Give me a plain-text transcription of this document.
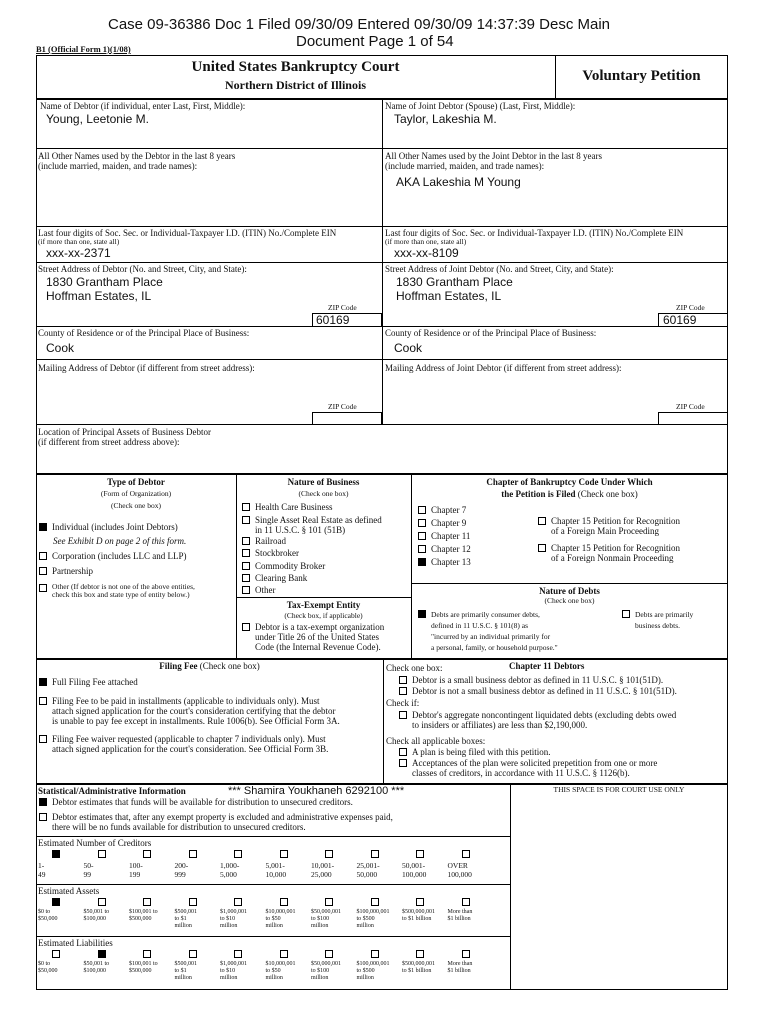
Case 09-36386 Doc 1 Filed 09/30/09 Entered 09/30/09 14:37:39 Desc Main
Document Page 1 of 54
B1 (Official Form 1)(1/08)
United States Bankruptcy Court
Northern District of Illinois
Voluntary Petition
Name of Debtor (if individual, enter Last, First, Middle):
Young, Leetonie M.
All Other Names used by the Debtor in the last 8 years
(include married, maiden, and trade names):
Last four digits of Soc. Sec. or Individual-Taxpayer I.D. (ITIN) No./Complete EIN
(if more than one, state all)
xxx-xx-2371
Street Address of Debtor (No. and Street, City, and State):
1830 Grantham Place
Hoffman Estates, IL
ZIP Code
60169
County of Residence or of the Principal Place of Business:
Cook
Mailing Address of Debtor (if different from street address):
ZIP Code
Name of Joint Debtor (Spouse) (Last, First, Middle):
Taylor, Lakeshia M.
All Other Names used by the Joint Debtor in the last 8 years
(include married, maiden, and trade names):
AKA Lakeshia M Young
Last four digits of Soc. Sec. or Individual-Taxpayer I.D. (ITIN) No./Complete EIN
(if more than one, state all)
xxx-xx-8109
Street Address of Joint Debtor (No. and Street, City, and State):
1830 Grantham Place
Hoffman Estates, IL
ZIP Code
60169
County of Residence or of the Principal Place of Business:
Cook
Mailing Address of Joint Debtor (if different from street address):
ZIP Code
Location of Principal Assets of Business Debtor
(if different from street address above):
Type of Debtor
(Form of Organization)
(Check one box)
Individual (includes Joint Debtors)
See Exhibit D on page 2 of this form.
Corporation (includes LLC and LLP)
Partnership
Other (If debtor is not one of the above entities,
check this box and state type of entity below.)
Nature of Business
(Check one box)
Health Care Business
Single Asset Real Estate as defined
in 11 U.S.C. § 101 (51B)
Railroad
Stockbroker
Commodity Broker
Clearing Bank
Other
Tax-Exempt Entity
(Check box, if applicable)
Debtor is a tax-exempt organization
under Title 26 of the United States
Code (the Internal Revenue Code).
Chapter of Bankruptcy Code Under Which
the Petition is Filed (Check one box)
Chapter 7
Chapter 9
Chapter 11
Chapter 12
Chapter 13
Chapter 15 Petition for Recognition
of a Foreign Main Proceeding
Chapter 15 Petition for Recognition
of a Foreign Nonmain Proceeding
Nature of Debts
(Check one box)
Debts are primarily consumer debts,
defined in 11 U.S.C. § 101(8) as
"incurred by an individual primarily for
a personal, family, or household purpose."
Debts are primarily
business debts.
Filing Fee (Check one box)
Full Filing Fee attached
Filing Fee to be paid in installments (applicable to individuals only). Must
attach signed application for the court's consideration certifying that the debtor
is unable to pay fee except in installments. Rule 1006(b). See Official Form 3A.
Filing Fee waiver requested (applicable to chapter 7 individuals only). Must
attach signed application for the court's consideration. See Official Form 3B.
Check one box:	Chapter 11 Debtors
Debtor is a small business debtor as defined in 11 U.S.C. § 101(51D).
Debtor is not a small business debtor as defined in 11 U.S.C. § 101(51D).
Check if:
Debtor's aggregate noncontingent liquidated debts (excluding debts owed
to insiders or affiliates) are less than $2,190,000.
Check all applicable boxes:
A plan is being filed with this petition.
Acceptances of the plan were solicited prepetition from one or more
classes of creditors, in accordance with 11 U.S.C. § 1126(b).
Statistical/Administrative Information	*** Shamira Youkhaneh 6292100 ***
Debtor estimates that funds will be available for distribution to unsecured creditors.
Debtor estimates that, after any exempt property is excluded and administrative expenses paid,
there will be no funds available for distribution to unsecured creditors.
THIS SPACE IS FOR COURT USE ONLY
Estimated Number of Creditors
1-
49
50-
99
100-
199
200-
999
1,000-
5,000
5,001-
10,000
10,001-
25,000
25,001-
50,000
50,001-
100,000
OVER
100,000
Estimated Assets
$0 to
$50,000
$50,001 to
$100,000
$100,001 to
$500,000
$500,001
to $1
million
$1,000,001
to $10
million
$10,000,001
to $50
million
$50,000,001
to $100
million
$100,000,001
to $500
million
$500,000,001
to $1 billion
More than
$1 billion
Estimated Liabilities
$0 to
$50,000
$50,001 to
$100,000
$100,001 to
$500,000
$500,001
to $1
million
$1,000,001
to $10
million
$10,000,001
to $50
million
$50,000,001
to $100
million
$100,000,001
to $500
million
$500,000,001
to $1 billion
More than
$1 billion
